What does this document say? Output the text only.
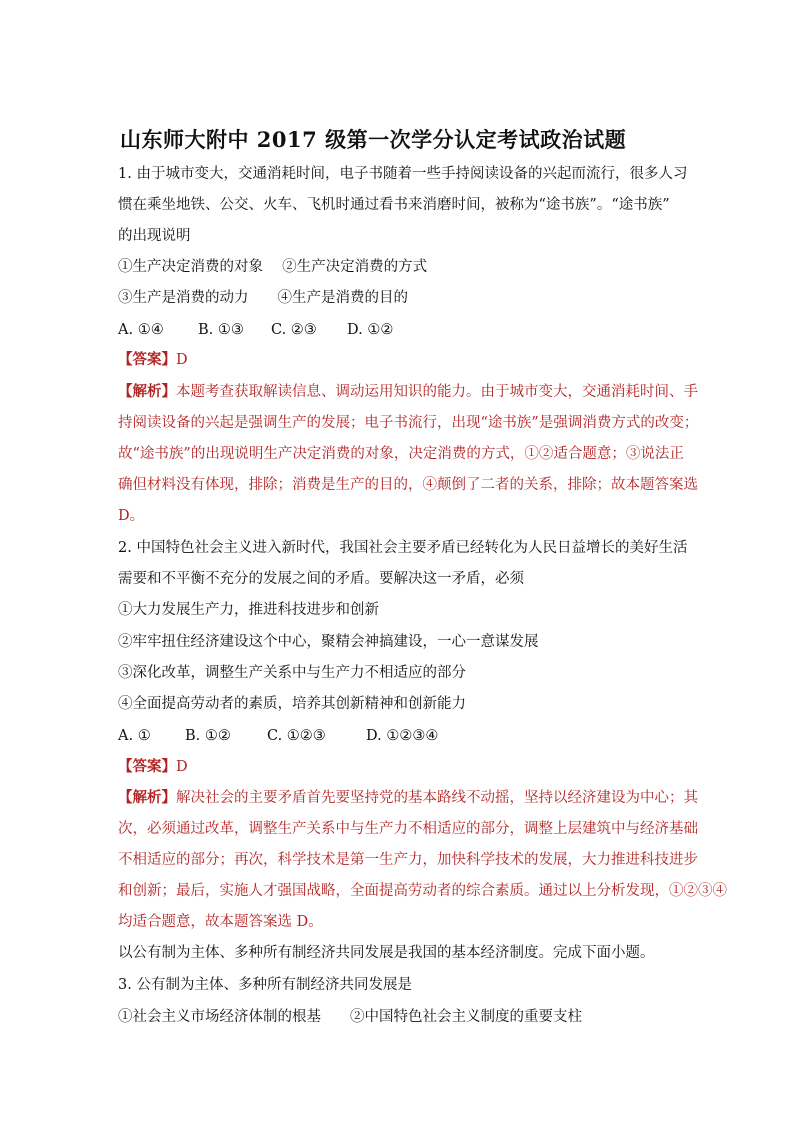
山东师大附中 2017 级第一次学分认定考试政治试题
1. 由于城市变大，交通消耗时间，电子书随着一些手持阅读设备的兴起而流行，很多人习
惯在乘坐地铁、公交、火车、飞机时通过看书来消磨时间，被称为“途书族”。“途书族”
的出现说明
①生产决定消费的对象　 ②生产决定消费的方式
③生产是消费的动力　　④生产是消费的目的
A. ①④ B. ①③ C. ②③ D. ①②
【答案】D
【解析】本题考查获取解读信息、调动运用知识的能力。由于城市变大，交通消耗时间、手
持阅读设备的兴起是强调生产的发展；电子书流行，出现“途书族”是强调消费方式的改变；
故“途书族”的出现说明生产决定消费的对象，决定消费的方式，①②适合题意；③说法正
确但材料没有体现，排除；消费是生产的目的，④颠倒了二者的关系，排除；故本题答案选
D。
2. 中国特色社会主义进入新时代，我国社会主要矛盾已经转化为人民日益增长的美好生活
需要和不平衡不充分的发展之间的矛盾。要解决这一矛盾，必须
①大力发展生产力，推进科技进步和创新
②牢牢扭住经济建设这个中心，聚精会神搞建设，一心一意谋发展
③深化改革，调整生产关系中与生产力不相适应的部分
④全面提高劳动者的素质，培养其创新精神和创新能力
A. ① B. ①② C. ①②③	D. ①②③④
【答案】D
【解析】解决社会的主要矛盾首先要坚持党的基本路线不动摇，坚持以经济建设为中心；其
次，必须通过改革，调整生产关系中与生产力不相适应的部分，调整上层建筑中与经济基础
不相适应的部分；再次，科学技术是第一生产力，加快科学技术的发展，大力推进科技进步
和创新；最后，实施人才强国战略，全面提高劳动者的综合素质。通过以上分析发现，①②③④
均适合题意，故本题答案选 D。
以公有制为主体、多种所有制经济共同发展是我国的基本经济制度。完成下面小题。
3. 公有制为主体、多种所有制经济共同发展是
①社会主义市场经济体制的根基　　②中国特色社会主义制度的重要支柱
